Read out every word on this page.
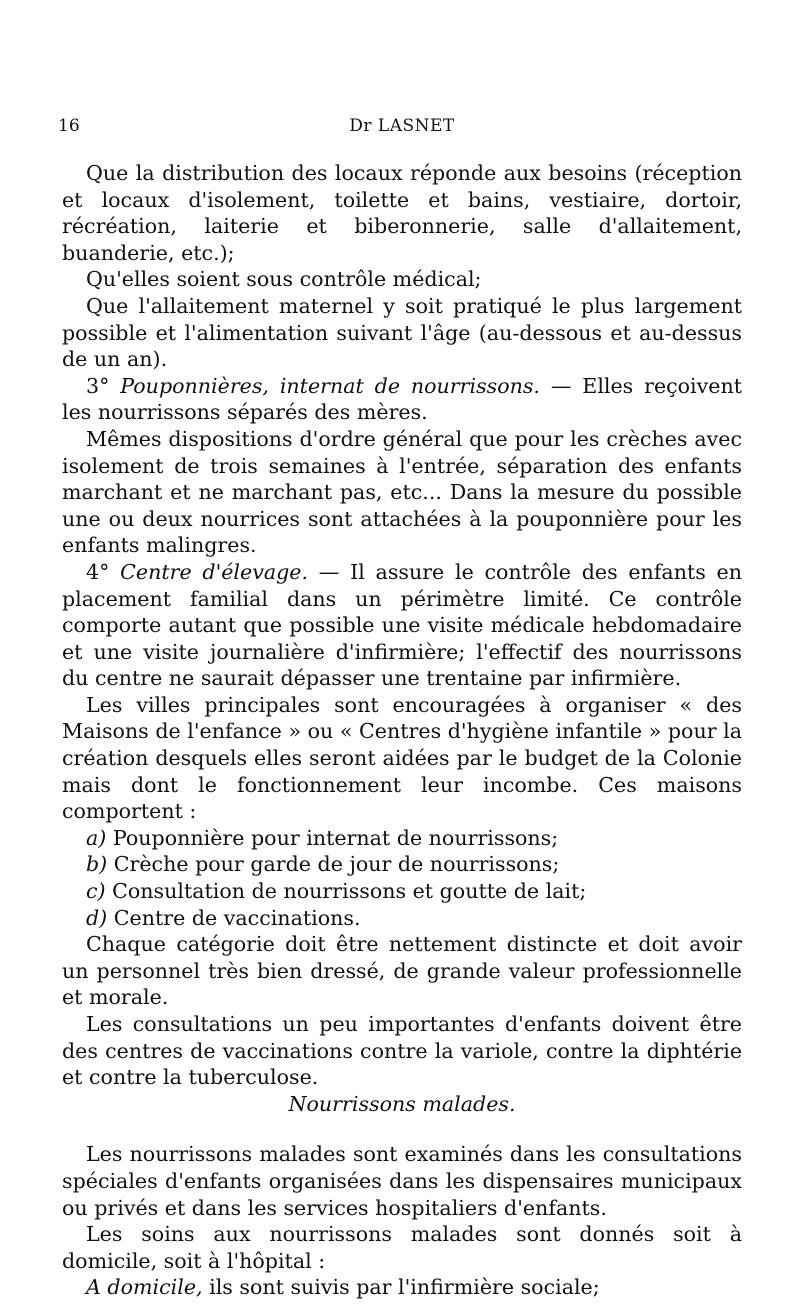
16	Dr LASNET

Que la distribution des locaux réponde aux besoins (réception et locaux d'isolement, toilette et bains, vestiaire, dortoir, récréation, laiterie et biberonnerie, salle d'allaitement, buanderie, etc.);

Qu'elles soient sous contrôle médical;

Que l'allaitement maternel y soit pratiqué le plus largement possible et l'alimentation suivant l'âge (au-dessous et au-dessus de un an).

3° Pouponnières, internat de nourrissons. — Elles reçoivent les nourrissons séparés des mères.

Mêmes dispositions d'ordre général que pour les crèches avec isolement de trois semaines à l'entrée, séparation des enfants marchant et ne marchant pas, etc... Dans la mesure du possible une ou deux nourrices sont attachées à la pouponnière pour les enfants malingres.

4° Centre d'élevage. — Il assure le contrôle des enfants en placement familial dans un périmètre limité. Ce contrôle comporte autant que possible une visite médicale hebdomadaire et une visite journalière d'infirmière; l'effectif des nourrissons du centre ne saurait dépasser une trentaine par infirmière.

Les villes principales sont encouragées à organiser « des Maisons de l'enfance » ou « Centres d'hygiène infantile » pour la création desquels elles seront aidées par le budget de la Colonie mais dont le fonctionnement leur incombe. Ces maisons comportent :

a) Pouponnière pour internat de nourrissons;
b) Crèche pour garde de jour de nourrissons;
c) Consultation de nourrissons et goutte de lait;
d) Centre de vaccinations.

Chaque catégorie doit être nettement distincte et doit avoir un personnel très bien dressé, de grande valeur professionnelle et morale.

Les consultations un peu importantes d'enfants doivent être des centres de vaccinations contre la variole, contre la diphtérie et contre la tuberculose.

Nourrissons malades.

Les nourrissons malades sont examinés dans les consultations spéciales d'enfants organisées dans les dispensaires municipaux ou privés et dans les services hospitaliers d'enfants.

Les soins aux nourrissons malades sont donnés soit à domicile, soit à l'hôpital :

A domicile, ils sont suivis par l'infirmière sociale;
